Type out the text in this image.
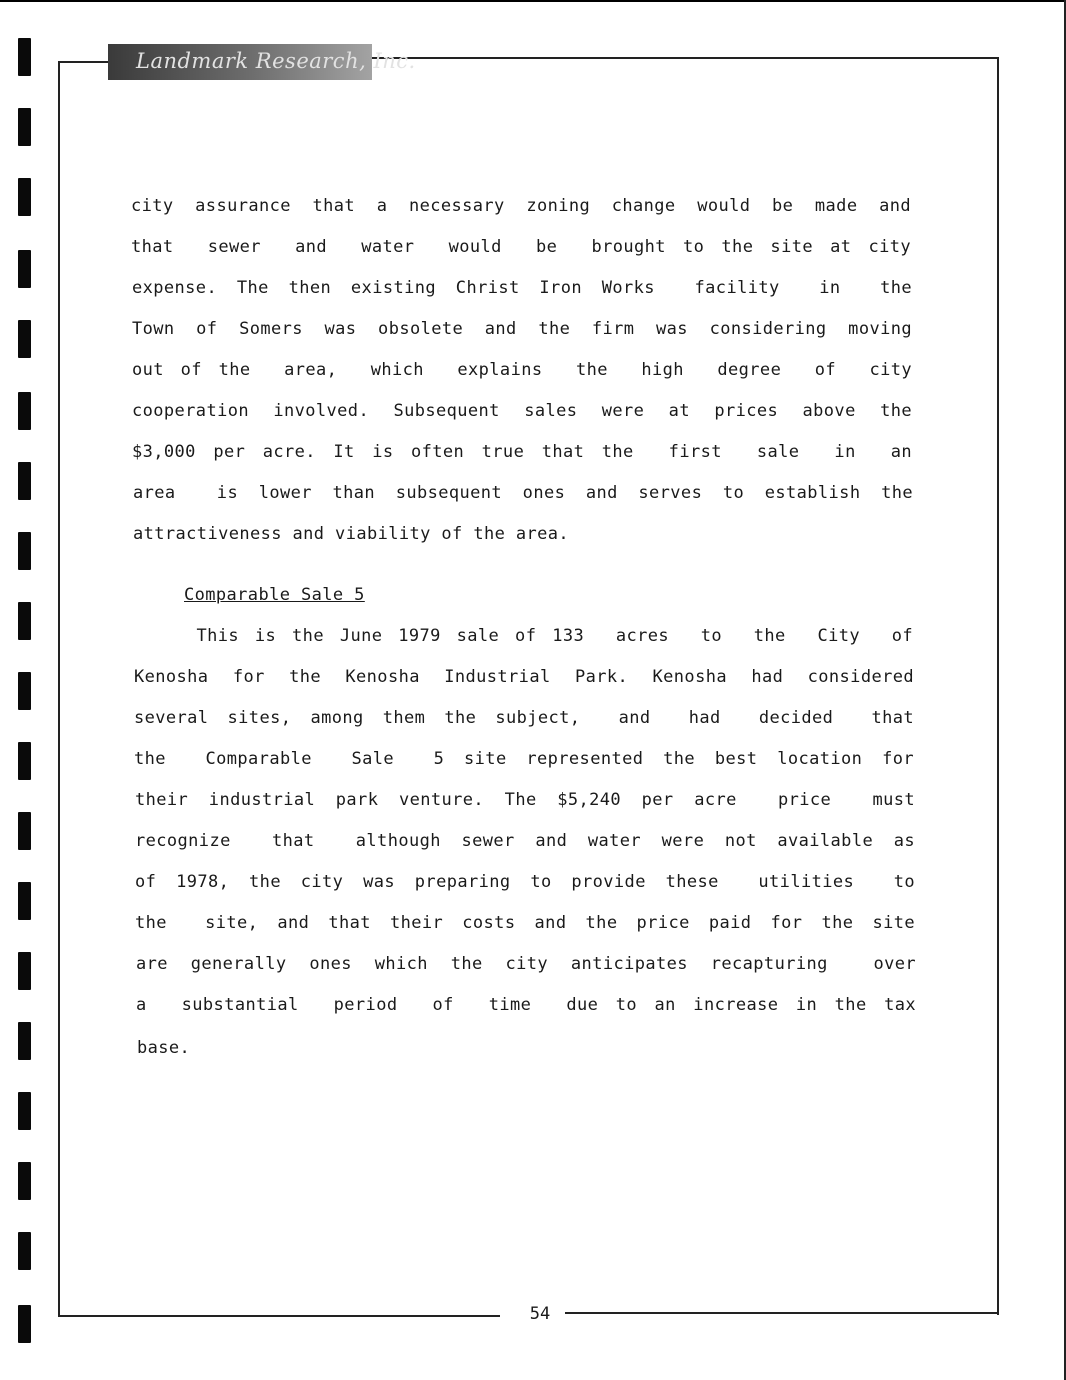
Landmark Research, Inc.
city assurance that a necessary zoning change would be made and
that  sewer  and  water  would  be  brought to the site at city
expense. The then existing Christ Iron Works  facility  in  the
Town of Somers was obsolete and the firm was considering moving
out of the  area,  which  explains  the  high  degree  of  city
cooperation involved. Subsequent sales were at prices above the
$3,000 per acre. It is often true that the  first  sale  in  an
area  is lower than subsequent ones and serves to establish the
attractiveness and viability of the area.
Comparable Sale 5
This is the June 1979 sale of 133  acres  to  the  City  of
Kenosha for the Kenosha Industrial Park. Kenosha had considered
several sites, among them the subject,  and  had  decided  that
the  Comparable  Sale  5 site represented the best location for
their industrial park venture. The $5,240 per acre  price  must
recognize  that  although sewer and water were not available as
of 1978, the city was preparing to provide these  utilities  to
the  site, and that their costs and the price paid for the site
are generally ones which the city anticipates recapturing  over
a  substantial  period  of  time  due to an increase in the tax
base.
54
